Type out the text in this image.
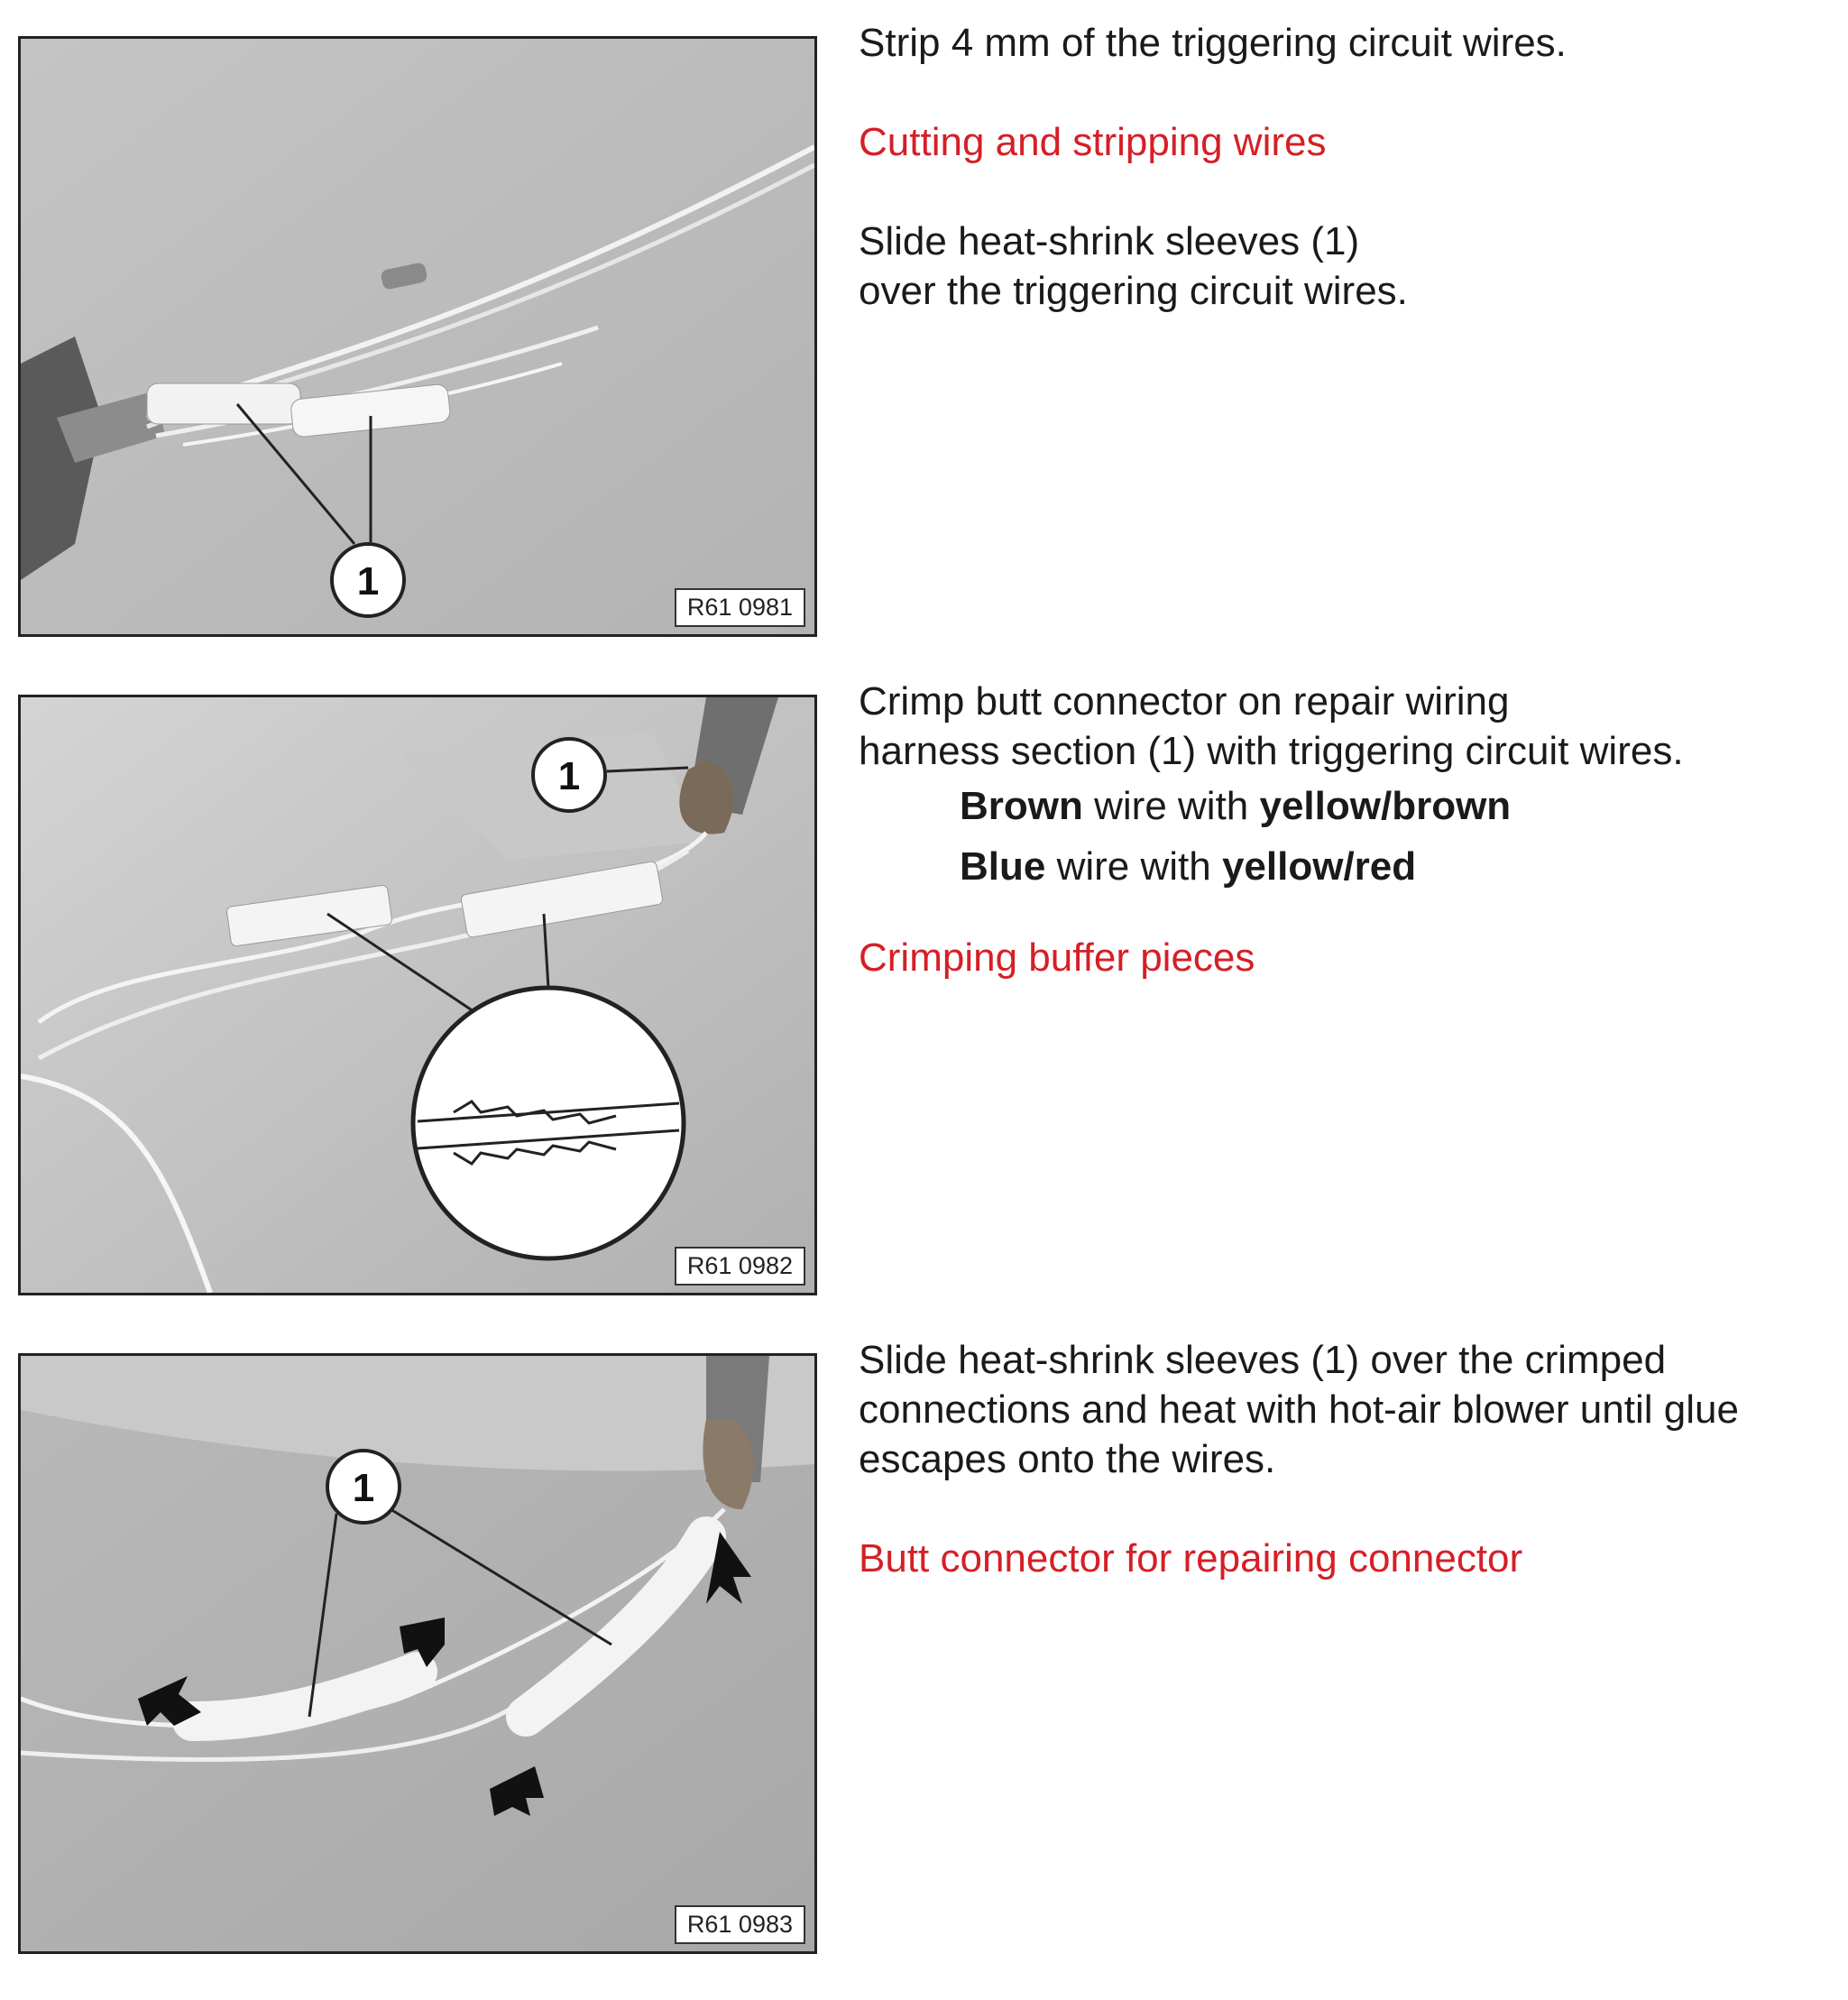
1
R61 0981

Strip 4 mm of the triggering circuit wires.

Cutting and stripping wires

Slide heat-shrink sleeves (1)

over the triggering circuit wires.

1
R61 0982

Crimp butt connector on repair wiring

harness section (1) with triggering circuit wires.

Brown wire with yellow/brown

Blue wire with yellow/red

Crimping buffer pieces

1
R61 0983

Slide heat-shrink sleeves (1) over the crimped

connections and heat with hot-air blower until glue

escapes onto the wires.

Butt connector for repairing connector
